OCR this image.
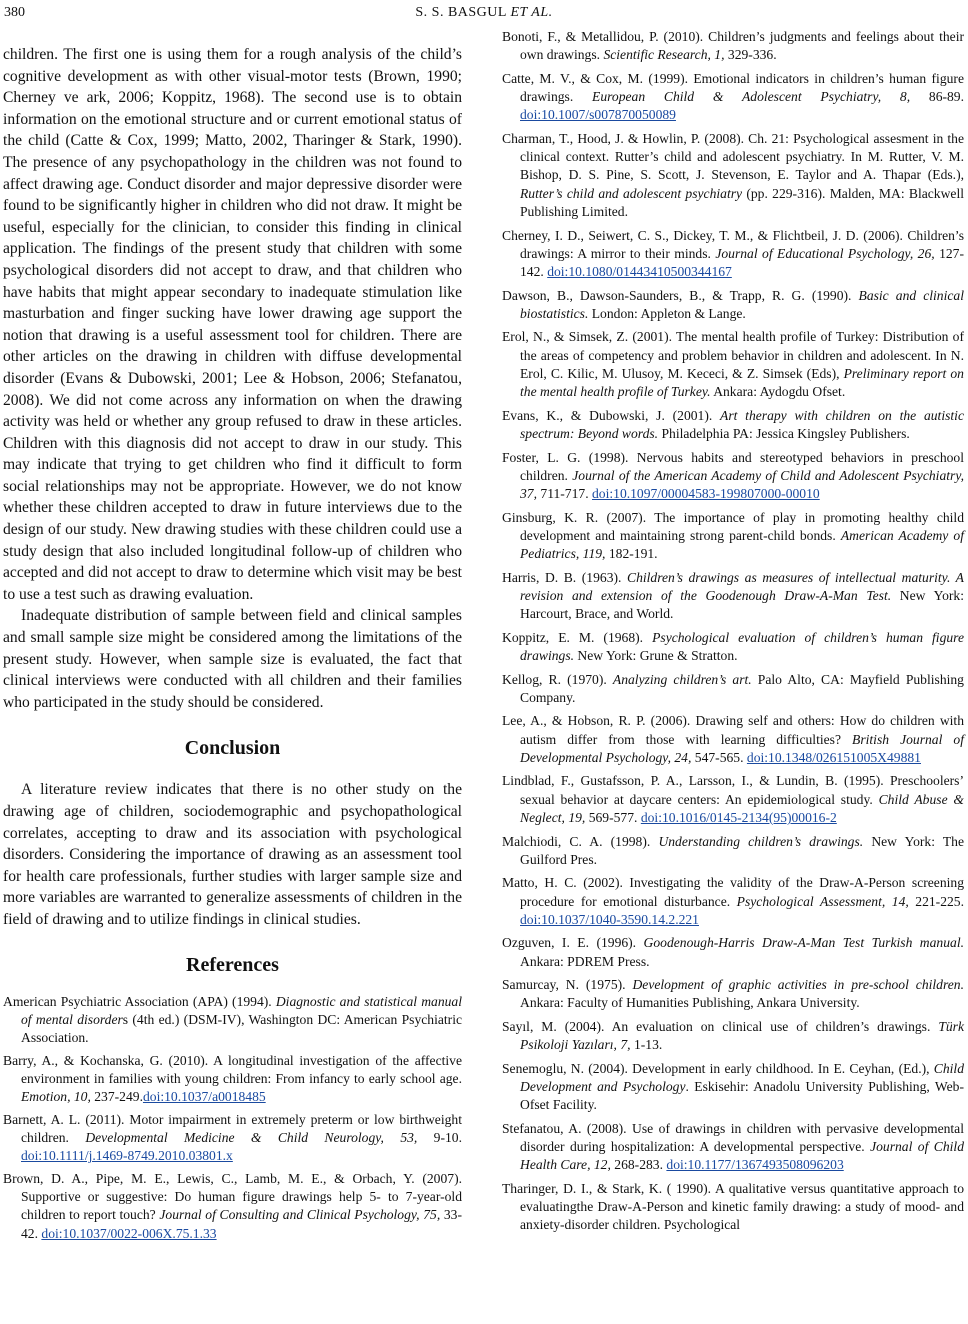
380	S. S. BASGUL ET AL.

children. The first one is using them for a rough analysis of the child’s cognitive development as with other visual-motor tests (Brown, 1990; Cherney ve ark, 2006; Koppitz, 1968). The second use is to obtain information on the emotional structure and or current emotional status of the child (Catte & Cox, 1999; Matto, 2002, Tharinger & Stark, 1990). The presence of any psychopathology in the children was not found to affect drawing age. Conduct disorder and major depressive disorder were found to be significantly higher in children who did not draw. It might be useful, especially for the clinician, to consider this finding in clinical application. The findings of the present study that children with some psychological disorders did not accept to draw, and that children who have habits that might appear secondary to inadequate stimulation like masturbation and finger sucking have lower drawing age support the notion that drawing is a useful assessment tool for children. There are other articles on the drawing in children with diffuse developmental disorder (Evans & Dubowski, 2001; Lee & Hobson, 2006; Stefanatou, 2008). We did not come across any information on when the drawing activity was held or whether any group refused to draw in these articles. Children with this diagnosis did not accept to draw in our study. This may indicate that trying to get children who find it difficult to form social relationships may not be appropriate. However, we do not know whether these children accepted to draw in future interviews due to the design of our study. New drawing studies with these children could use a study design that also included longitudinal follow-up of children who accepted and did not accept to draw to determine which visit may be best to use a test such as drawing evaluation.

Inadequate distribution of sample between field and clinical samples and small sample size might be considered among the limitations of the present study. However, when sample size is evaluated, the fact that clinical interviews were conducted with all children and their families who participated in the study should be considered.

Conclusion

A literature review indicates that there is no other study on the drawing age of children, sociodemographic and psychopathological correlates, accepting to draw and its association with psychological disorders. Considering the importance of drawing as an assessment tool for health care professionals, further studies with larger sample size and more variables are warranted to generalize assessments of children in the field of drawing and to utilize findings in clinical studies.

References

American Psychiatric Association (APA) (1994). Diagnostic and statistical manual of mental disorders (4th ed.) (DSM-IV), Washington DC: American Psychiatric Association.

Barry, A., & Kochanska, G. (2010). A longitudinal investigation of the affective environment in families with young children: From infancy to early school age. Emotion, 10, 237-249.doi:10.1037/a0018485

Barnett, A. L. (2011). Motor impairment in extremely preterm or low birthweight children. Developmental Medicine & Child Neurology, 53, 9-10. doi:10.1111/j.1469-8749.2010.03801.x

Brown, D. A., Pipe, M. E., Lewis, C., Lamb, M. E., & Orbach, Y. (2007). Supportive or suggestive: Do human figure drawings help 5- to 7-year-old children to report touch? Journal of Consulting and Clinical Psychology, 75, 33-42. doi:10.1037/0022-006X.75.1.33

Bonoti, F., & Metallidou, P. (2010). Children’s judgments and feelings about their own drawings. Scientific Research, 1, 329-336.

Catte, M. V., & Cox, M. (1999). Emotional indicators in children’s human figure drawings. European Child & Adolescent Psychiatry, 8, 86-89. doi:10.1007/s007870050089

Charman, T., Hood, J. & Howlin, P. (2008). Ch. 21: Psychological assesment in the clinical context. Rutter’s child and adolescent psychiatry. In M. Rutter, V. M. Bishop, D. S. Pine, S. Scott, J. Stevenson, E. Taylor and A. Thapar (Eds.), Rutter’s child and adolescent psychiatry (pp. 229-316). Malden, MA: Blackwell Publishing Limited.

Cherney, I. D., Seiwert, C. S., Dickey, T. M., & Flichtbeil, J. D. (2006). Children’s drawings: A mirror to their minds. Journal of Educational Psychology, 26, 127-142. doi:10.1080/01443410500344167

Dawson, B., Dawson-Saunders, B., & Trapp, R. G. (1990). Basic and clinical biostatistics. London: Appleton & Lange.

Erol, N., & Simsek, Z. (2001). The mental health profile of Turkey: Distribution of the areas of competency and problem behavior in children and adolescent. In N. Erol, C. Kilic, M. Ulusoy, M. Kececi, & Z. Simsek (Eds), Preliminary report on the mental health profile of Turkey. Ankara: Aydogdu Ofset.

Evans, K., & Dubowski, J. (2001). Art therapy with children on the autistic spectrum: Beyond words. Philadelphia PA: Jessica Kingsley Publishers.

Foster, L. G. (1998). Nervous habits and stereotyped behaviors in preschool children. Journal of the American Academy of Child and Adolescent Psychiatry, 37, 711-717. doi:10.1097/00004583-199807000-00010

Ginsburg, K. R. (2007). The importance of play in promoting healthy child development and maintaining strong parent-child bonds. American Academy of Pediatrics, 119, 182-191.

Harris, D. B. (1963). Children’s drawings as measures of intellectual maturity. A revision and extension of the Goodenough Draw-A-Man Test. New York: Harcourt, Brace, and World.

Koppitz, E. M. (1968). Psychological evaluation of children’s human figure drawings. New York: Grune & Stratton.

Kellog, R. (1970). Analyzing children’s art. Palo Alto, CA: Mayfield Publishing Company.

Lee, A., & Hobson, R. P. (2006). Drawing self and others: How do children with autism differ from those with learning difficulties? British Journal of Developmental Psychology, 24, 547-565. doi:10.1348/026151005X49881

Lindblad, F., Gustafsson, P. A., Larsson, I., & Lundin, B. (1995). Preschoolers’ sexual behavior at daycare centers: An epidemiological study. Child Abuse & Neglect, 19, 569-577. doi:10.1016/0145-2134(95)00016-2

Malchiodi, C. A. (1998). Understanding children’s drawings. New York: The Guilford Pres.

Matto, H. C. (2002). Investigating the validity of the Draw-A-Person screening procedure for emotional disturbance. Psychological Assessment, 14, 221-225. doi:10.1037/1040-3590.14.2.221

Ozguven, I. E. (1996). Goodenough-Harris Draw-A-Man Test Turkish manual. Ankara: PDREM Press.

Samurcay, N. (1975). Development of graphic activities in pre-school children. Ankara: Faculty of Humanities Publishing, Ankara University.

Sayıl, M. (2004). An evaluation on clinical use of children’s drawings. Türk Psikoloji Yazıları, 7, 1-13.

Senemoglu, N. (2004). Development in early childhood. In E. Ceyhan, (Ed.), Child Development and Psychology. Eskisehir: Anadolu University Publishing, Web-Ofset Facility.

Stefanatou, A. (2008). Use of drawings in children with pervasive developmental disorder during hospitalization: A developmental perspective. Journal of Child Health Care, 12, 268-283. doi:10.1177/1367493508096203

Tharinger, D. I., & Stark, K. ( 1990). A qualitative versus quantitative approach to evaluatingthe Draw-A-Person and kinetic family drawing: a study of mood- and anxiety-disorder children. Psychological
